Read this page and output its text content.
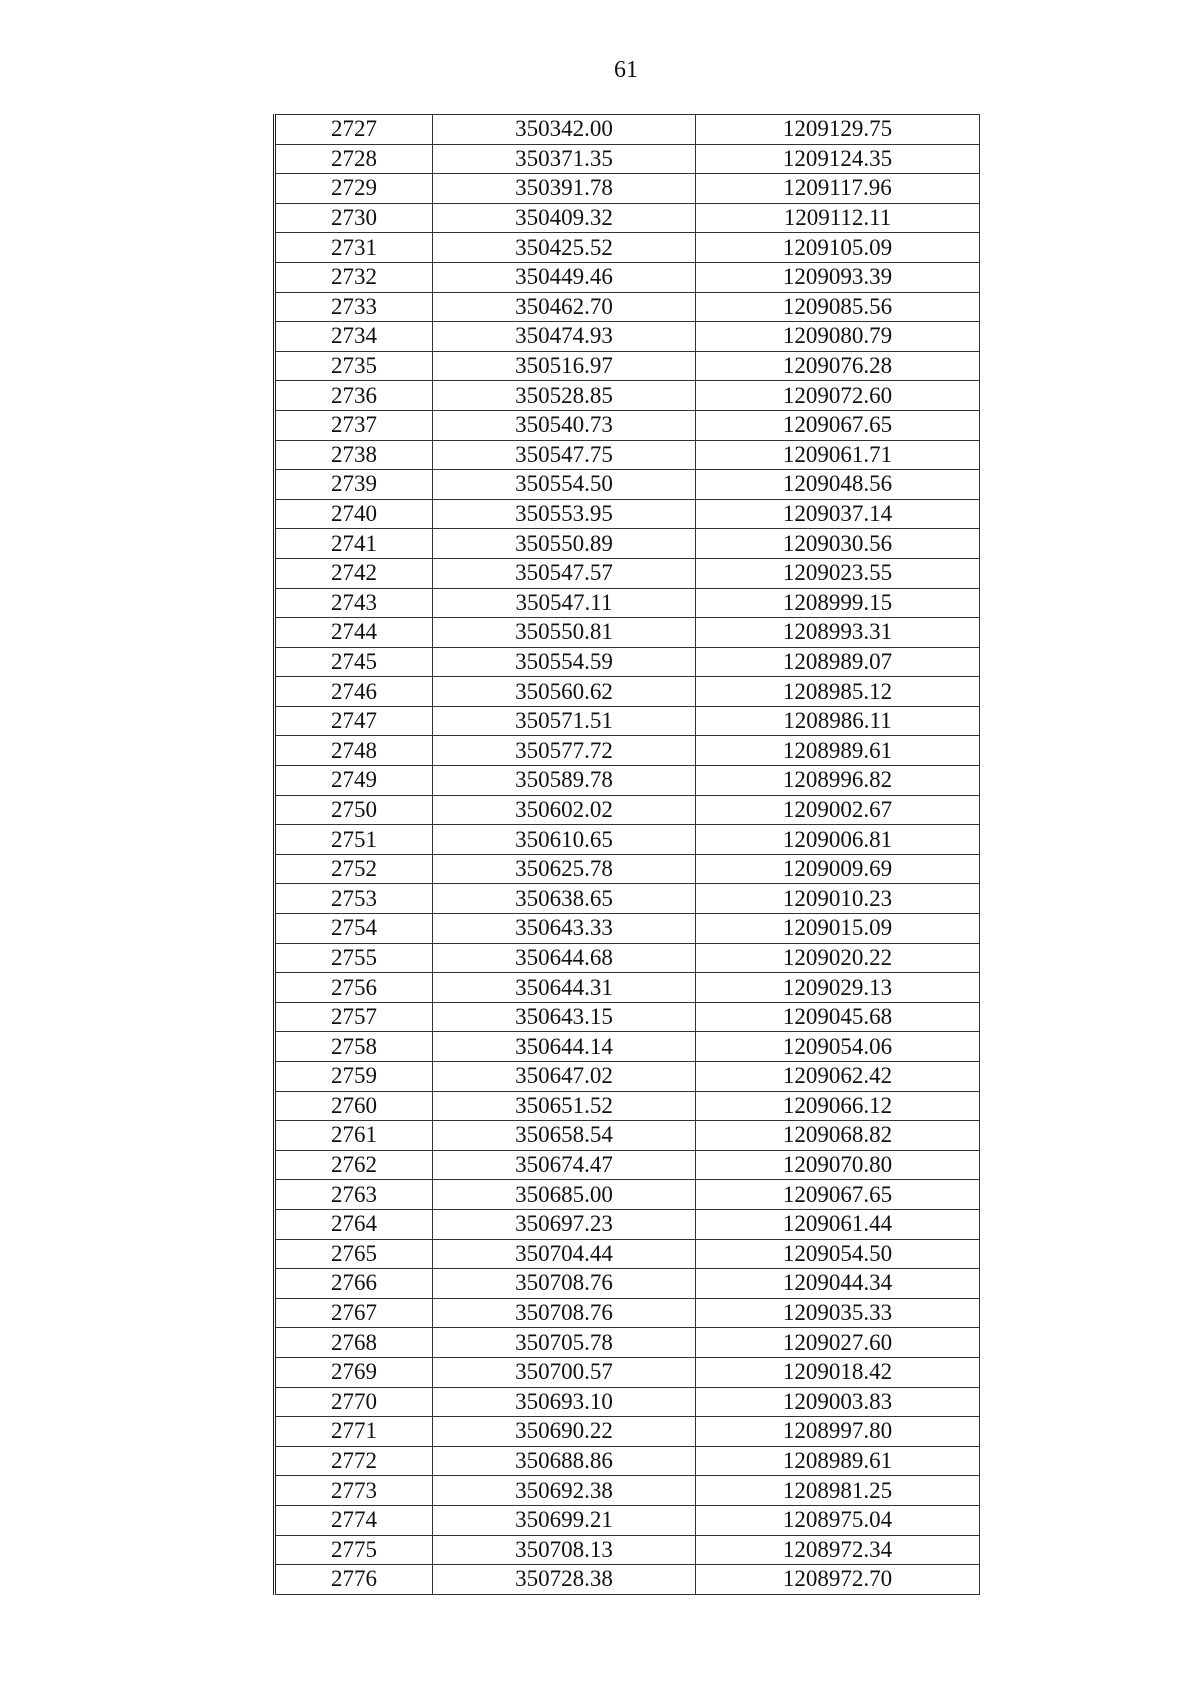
61
2727	350342.00	1209129.75
2728	350371.35	1209124.35
2729	350391.78	1209117.96
2730	350409.32	1209112.11
2731	350425.52	1209105.09
2732	350449.46	1209093.39
2733	350462.70	1209085.56
2734	350474.93	1209080.79
2735	350516.97	1209076.28
2736	350528.85	1209072.60
2737	350540.73	1209067.65
2738	350547.75	1209061.71
2739	350554.50	1209048.56
2740	350553.95	1209037.14
2741	350550.89	1209030.56
2742	350547.57	1209023.55
2743	350547.11	1208999.15
2744	350550.81	1208993.31
2745	350554.59	1208989.07
2746	350560.62	1208985.12
2747	350571.51	1208986.11
2748	350577.72	1208989.61
2749	350589.78	1208996.82
2750	350602.02	1209002.67
2751	350610.65	1209006.81
2752	350625.78	1209009.69
2753	350638.65	1209010.23
2754	350643.33	1209015.09
2755	350644.68	1209020.22
2756	350644.31	1209029.13
2757	350643.15	1209045.68
2758	350644.14	1209054.06
2759	350647.02	1209062.42
2760	350651.52	1209066.12
2761	350658.54	1209068.82
2762	350674.47	1209070.80
2763	350685.00	1209067.65
2764	350697.23	1209061.44
2765	350704.44	1209054.50
2766	350708.76	1209044.34
2767	350708.76	1209035.33
2768	350705.78	1209027.60
2769	350700.57	1209018.42
2770	350693.10	1209003.83
2771	350690.22	1208997.80
2772	350688.86	1208989.61
2773	350692.38	1208981.25
2774	350699.21	1208975.04
2775	350708.13	1208972.34
2776	350728.38	1208972.70
